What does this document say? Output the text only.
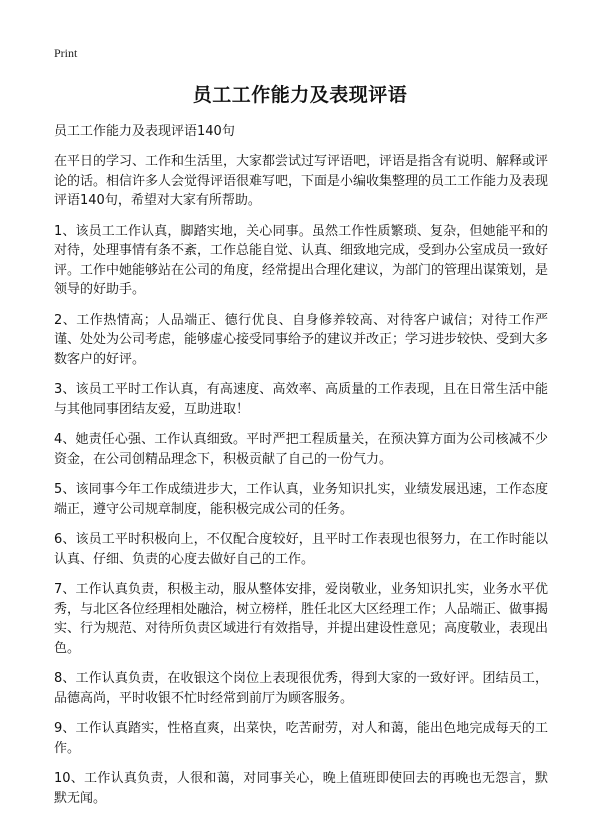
Print
员工工作能力及表现评语
员工工作能力及表现评语140句

在平日的学习、工作和生活里，大家都尝试过写评语吧，评语是指含有说明、解释或评论的话。相信许多人会觉得评语很难写吧，下面是小编收集整理的员工工作能力及表现评语140句，希望对大家有所帮助。

1、该员工工作认真，脚踏实地，关心同事。虽然工作性质繁琐、复杂，但她能平和的对待，处理事情有条不紊，工作总能自觉、认真、细致地完成，受到办公室成员一致好评。工作中她能够站在公司的角度，经常提出合理化建议，为部门的管理出谋策划，是领导的好助手。

2、工作热情高；人品端正、德行优良、自身修养较高、对待客户诚信；对待工作严谨、处处为公司考虑，能够虚心接受同事给予的建议并改正；学习进步较快、受到大多数客户的好评。

3、该员工平时工作认真，有高速度、高效率、高质量的工作表现，且在日常生活中能与其他同事团结友爱，互助进取！

4、她责任心强、工作认真细致。平时严把工程质量关，在预决算方面为公司核减不少资金，在公司创精品理念下，积极贡献了自己的一份气力。

5、该同事今年工作成绩进步大，工作认真，业务知识扎实，业绩发展迅速，工作态度端正，遵守公司规章制度，能积极完成公司的任务。

6、该员工平时积极向上，不仅配合度较好，且平时工作表现也很努力，在工作时能以认真、仔细、负责的心度去做好自己的工作。

7、工作认真负责，积极主动，服从整体安排，爱岗敬业，业务知识扎实，业务水平优秀，与北区各位经理相处融洽，树立榜样，胜任北区大区经理工作；人品端正、做事揭实、行为规范、对待所负责区域进行有效指导，并提出建设性意见；高度敬业，表现出色。

8、工作认真负责，在收银这个岗位上表现很优秀，得到大家的一致好评。团结员工，品德高尚，平时收银不忙时经常到前厅为顾客服务。

9、工作认真踏实，性格直爽，出菜快，吃苦耐劳，对人和蔼，能出色地完成每天的工作。

10、工作认真负责，人很和蔼，对同事关心，晚上值班即使回去的再晚也无怨言，默默无闻。
